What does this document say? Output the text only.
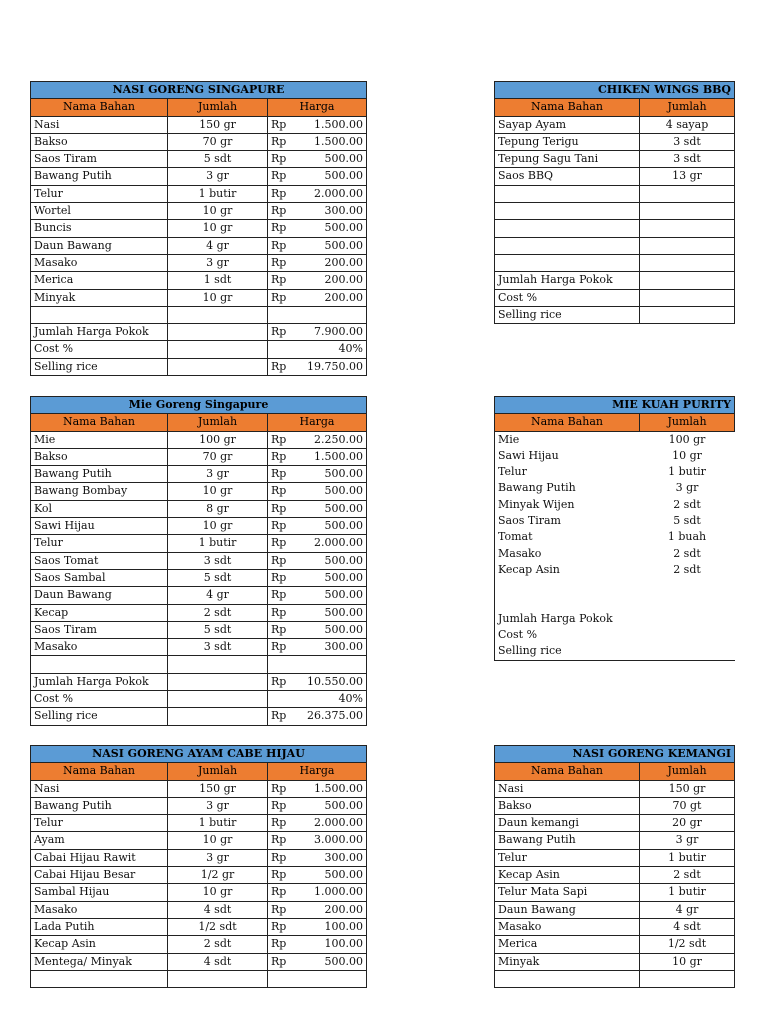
NASI GORENG SINGAPURE			
Nama Bahan	Jumlah	Harga	
Nasi	150 gr	Rp	1.500.00
Bakso	70 gr	Rp	1.500.00
Saos Tiram	5 sdt	Rp	500.00
Bawang Putih	3 gr	Rp	500.00
Telur	1 butir	Rp	2.000.00
Wortel	10 gr	Rp	300.00
Buncis	10 gr	Rp	500.00
Daun Bawang	4 gr	Rp	500.00
Masako	3 gr	Rp	200.00
Merica	1 sdt	Rp	200.00
Minyak	10 gr	Rp	200.00

Jumlah Harga Pokok		Rp	7.900.00
Cost %			40%
Selling rice		Rp	19.750.00
Mie Goreng Singapure			
Nama Bahan	Jumlah	Harga	
Mie	100 gr	Rp	2.250.00
Bakso	70 gr	Rp	1.500.00
Bawang Putih	3 gr	Rp	500.00
Bawang Bombay	10 gr	Rp	500.00
Kol	8 gr	Rp	500.00
Sawi Hijau	10 gr	Rp	500.00
Telur	1 butir	Rp	2.000.00
Saos Tomat	3 sdt	Rp	500.00
Saos Sambal	5 sdt	Rp	500.00
Daun Bawang	4 gr	Rp	500.00
Kecap	2 sdt	Rp	500.00
Saos Tiram	5 sdt	Rp	500.00
Masako	3 sdt	Rp	300.00

Jumlah Harga Pokok		Rp	10.550.00
Cost %			40%
Selling rice		Rp	26.375.00
NASI GORENG AYAM CABE HIJAU			
Nama Bahan	Jumlah	Harga	
Nasi	150 gr	Rp	1.500.00
Bawang Putih	3 gr	Rp	500.00
Telur	1 butir	Rp	2.000.00
Ayam	10 gr	Rp	3.000.00
Cabai Hijau Rawit	3 gr	Rp	300.00
Cabai Hijau Besar	1/2 gr	Rp	500.00
Sambal Hijau	10 gr	Rp	1.000.00
Masako	4 sdt	Rp	200.00
Lada Putih	1/2 sdt	Rp	100.00
Kecap Asin	2 sdt	Rp	100.00
Mentega/ Minyak	4 sdt	Rp	500.00

CHIKEN WINGS BBQ	
Nama Bahan	Jumlah
Sayap Ayam	4 sayap
Tepung Terigu	3 sdt
Tepung Sagu Tani	3 sdt
Saos BBQ	13 gr

Jumlah Harga Pokok	
Cost %	
Selling rice	
MIE KUAH PURITY	
Nama Bahan	Jumlah
Mie	100 gr
Sawi Hijau	10 gr
Telur	1 butir
Bawang Putih	3 gr
Minyak Wijen	2 sdt
Saos Tiram	5 sdt
Tomat	1 buah
Masako	2 sdt
Kecap Asin	2 sdt

Jumlah Harga Pokok	
Cost %	
Selling rice	
NASI GORENG KEMANGI	
Nama Bahan	Jumlah
Nasi	150 gr
Bakso	70 gt
Daun kemangi	20 gr
Bawang Putih	3 gr
Telur	1 butir
Kecap Asin	2 sdt
Telur Mata Sapi	1 butir
Daun Bawang	4 gr
Masako	4 sdt
Merica	1/2 sdt
Minyak	10 gr
